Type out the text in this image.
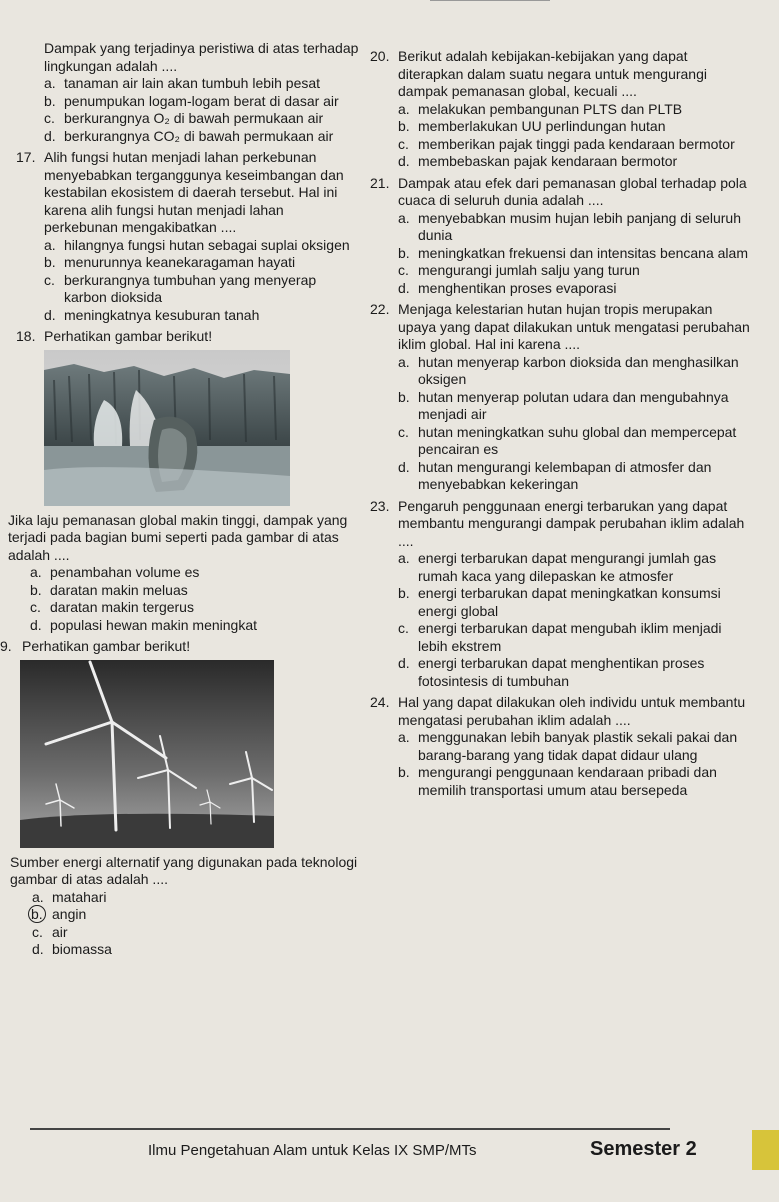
Dampak yang terjadinya peristiwa di atas terhadap lingkungan adalah ....
a. tanaman air lain akan tumbuh lebih pesat
b. penumpukan logam-logam berat di dasar air
c. berkurangnya O₂ di bawah permukaan air
d. berkurangnya CO₂ di bawah permukaan air
17. Alih fungsi hutan menjadi lahan perkebunan menyebabkan terganggunya keseimbangan dan kestabilan ekosistem di daerah tersebut. Hal ini karena alih fungsi hutan menjadi lahan perkebunan mengakibatkan ....
a. hilangnya fungsi hutan sebagai suplai oksigen
b. menurunnya keanekaragaman hayati
c. berkurangnya tumbuhan yang menyerap karbon dioksida
d. meningkatnya kesuburan tanah
18. Perhatikan gambar berikut!
Jika laju pemanasan global makin tinggi, dampak yang terjadi pada bagian bumi seperti pada gambar di atas adalah ....
a. penambahan volume es
b. daratan makin meluas
c. daratan makin tergerus
d. populasi hewan makin meningkat
9. Perhatikan gambar berikut!
Sumber energi alternatif yang digunakan pada teknologi gambar di atas adalah ....
a. matahari
b. angin
c. air
d. biomassa
20. Berikut adalah kebijakan-kebijakan yang dapat diterapkan dalam suatu negara untuk mengurangi dampak pemanasan global, kecuali ....
a. melakukan pembangunan PLTS dan PLTB
b. memberlakukan UU perlindungan hutan
c. memberikan pajak tinggi pada kendaraan bermotor
d. membebaskan pajak kendaraan bermotor
21. Dampak atau efek dari pemanasan global terhadap pola cuaca di seluruh dunia adalah ....
a. menyebabkan musim hujan lebih panjang di seluruh dunia
b. meningkatkan frekuensi dan intensitas bencana alam
c. mengurangi jumlah salju yang turun
d. menghentikan proses evaporasi
22. Menjaga kelestarian hutan hujan tropis merupakan upaya yang dapat dilakukan untuk mengatasi perubahan iklim global. Hal ini karena ....
a. hutan menyerap karbon dioksida dan menghasilkan oksigen
b. hutan menyerap polutan udara dan mengubahnya menjadi air
c. hutan meningkatkan suhu global dan mempercepat pencairan es
d. hutan mengurangi kelembapan di atmosfer dan menyebabkan kekeringan
23. Pengaruh penggunaan energi terbarukan yang dapat membantu mengurangi dampak perubahan iklim adalah ....
a. energi terbarukan dapat mengurangi jumlah gas rumah kaca yang dilepaskan ke atmosfer
b. energi terbarukan dapat meningkatkan konsumsi energi global
c. energi terbarukan dapat mengubah iklim menjadi lebih ekstrem
d. energi terbarukan dapat menghentikan proses fotosintesis di tumbuhan
24. Hal yang dapat dilakukan oleh individu untuk membantu mengatasi perubahan iklim adalah ....
a. menggunakan lebih banyak plastik sekali pakai dan barang-barang yang tidak dapat didaur ulang
b. mengurangi penggunaan kendaraan pribadi dan memilih transportasi umum atau bersepeda
Ilmu Pengetahuan Alam untuk Kelas IX SMP/MTs	Semester 2
